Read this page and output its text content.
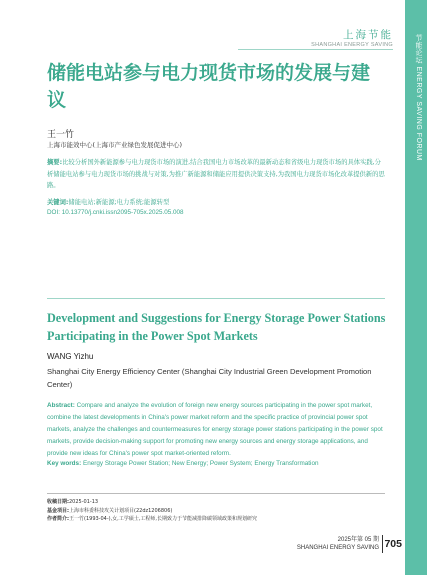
节能论坛 ENERGY SAVING FORUM
上海节能
SHANGHAI ENERGY SAVING
储能电站参与电力现货市场的发展与建议
王一竹
上海市能效中心(上海市产业绿色发展促进中心)
摘要:比较分析国外新能源参与电力现货市场的演进,结合我国电力市场改革的最新动态和省级电力现货市场的具体实践,分析储能电站参与电力现货市场的挑战与对策,为推广新能源和储能应用提供决策支持,为我国电力现货市场化改革提供新的思路。
关键词:储能电站;新能源;电力系统;能源转型
DOI: 10.13770/j.cnki.issn2095-705x.2025.05.008
Development and Suggestions for Energy Storage Power Stations Participating in the Power Spot Markets
WANG Yizhu
Shanghai City Energy Efficiency Center (Shanghai City Industrial Green Development Promotion Center)
Abstract: Compare and analyze the evolution of foreign new energy sources participating in the power spot market, combine the latest developments in China's power market reform and the specific practice of provincial power spot markets, analyze the challenges and countermeasures for energy storage power stations participating in the power spot markets, provide decision-making support for promoting new energy sources and energy storage applications, and provide new ideas for China's power spot market-oriented reform.
Key words: Energy Storage Power Station; New Energy; Power System; Energy Transformation
收稿日期:2025-01-13
基金项目:上海市科委科技攻关计划项目(22dz1206806)
作者简介:王一竹(1993-04-),女,工学硕士,工程师,长期致力于节能减排降碳领域政策和规划研究
2025年第 05 期
SHANGHAI ENERGY SAVING 705
